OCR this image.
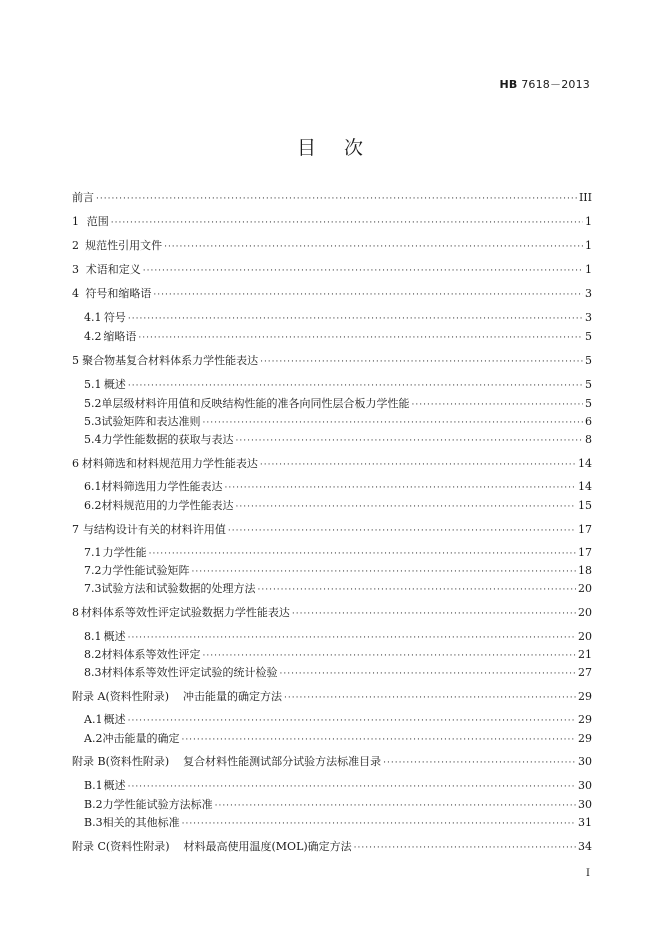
HB 7618－2013
目 次
前言 ·····	III
1 范围 ·····	1
2 规范性引用文件 ·····	1
3 术语和定义 ·····	1
4 符号和缩略语 ·····	3
4.1 符号 ·····	3
4.2 缩略语 ·····	5
5 聚合物基复合材料体系力学性能表达 ·····	5
5.1 概述 ·····	5
5.2 单层级材料许用值和反映结构性能的准各向同性层合板力学性能 ·····	5
5.3 试验矩阵和表达准则 ·····	6
5.4 力学性能数据的获取与表达 ·····	8
6 材料筛选和材料规范用力学性能表达 ·····	14
6.1 材料筛选用力学性能表达 ·····	14
6.2 材料规范用的力学性能表达 ·····	15
7 与结构设计有关的材料许用值 ·····	17
7.1 力学性能 ·····	17
7.2 力学性能试验矩阵 ·····	18
7.3 试验方法和试验数据的处理方法 ·····	20
8 材料体系等效性评定试验数据力学性能表达 ·····	20
8.1 概述 ·····	20
8.2 材料体系等效性评定 ·····	21
8.3 材料体系等效性评定试验的统计检验 ·····	27
附录 A(资料性附录) 冲击能量的确定方法 ·····	29
A.1 概述 ·····	29
A.2 冲击能量的确定 ·····	29
附录 B(资料性附录) 复合材料性能测试部分试验方法标准目录 ·····	30
B.1 概述 ·····	30
B.2 力学性能试验方法标准 ·····	30
B.3 相关的其他标准 ·····	31
附录 C(资料性附录) 材料最高使用温度(MOL)确定方法 ·····	34
I
